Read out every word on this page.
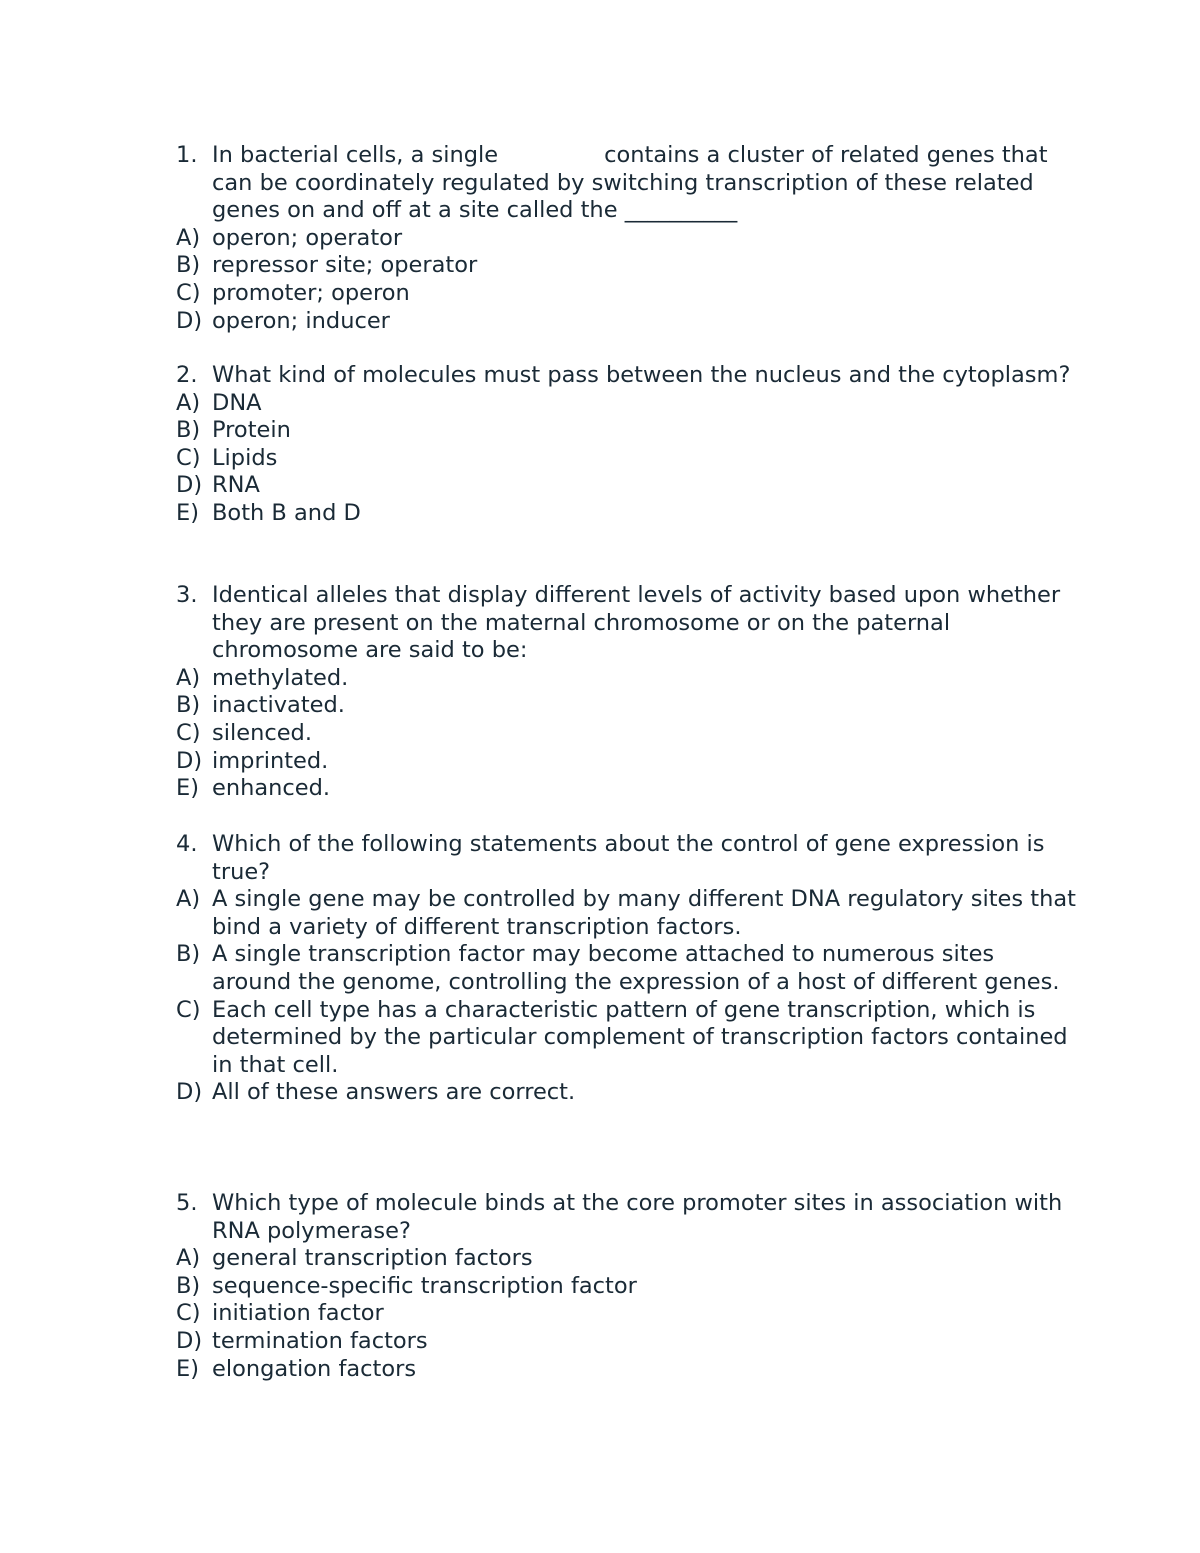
1. In bacterial cells, a single	contains a cluster of related genes that can be coordinately regulated by switching transcription of these related genes on and off at a site called the __________
A) operon; operator
B) repressor site; operator
C) promoter; operon
D) operon; inducer
2. What kind of molecules must pass between the nucleus and the cytoplasm?
A) DNA
B) Protein
C) Lipids
D) RNA
E) Both B and D
3. Identical alleles that display different levels of activity based upon whether they are present on the maternal chromosome or on the paternal chromosome are said to be:
A) methylated.
B) inactivated.
C) silenced.
D) imprinted.
E) enhanced.
4. Which of the following statements about the control of gene expression is true?
A) A single gene may be controlled by many different DNA regulatory sites that bind a variety of different transcription factors.
B) A single transcription factor may become attached to numerous sites around the genome, controlling the expression of a host of different genes.
C) Each cell type has a characteristic pattern of gene transcription, which is determined by the particular complement of transcription factors contained in that cell.
D) All of these answers are correct.
5. Which type of molecule binds at the core promoter sites in association with RNA polymerase?
A) general transcription factors
B) sequence-specific transcription factor
C) initiation factor
D) termination factors
E) elongation factors
